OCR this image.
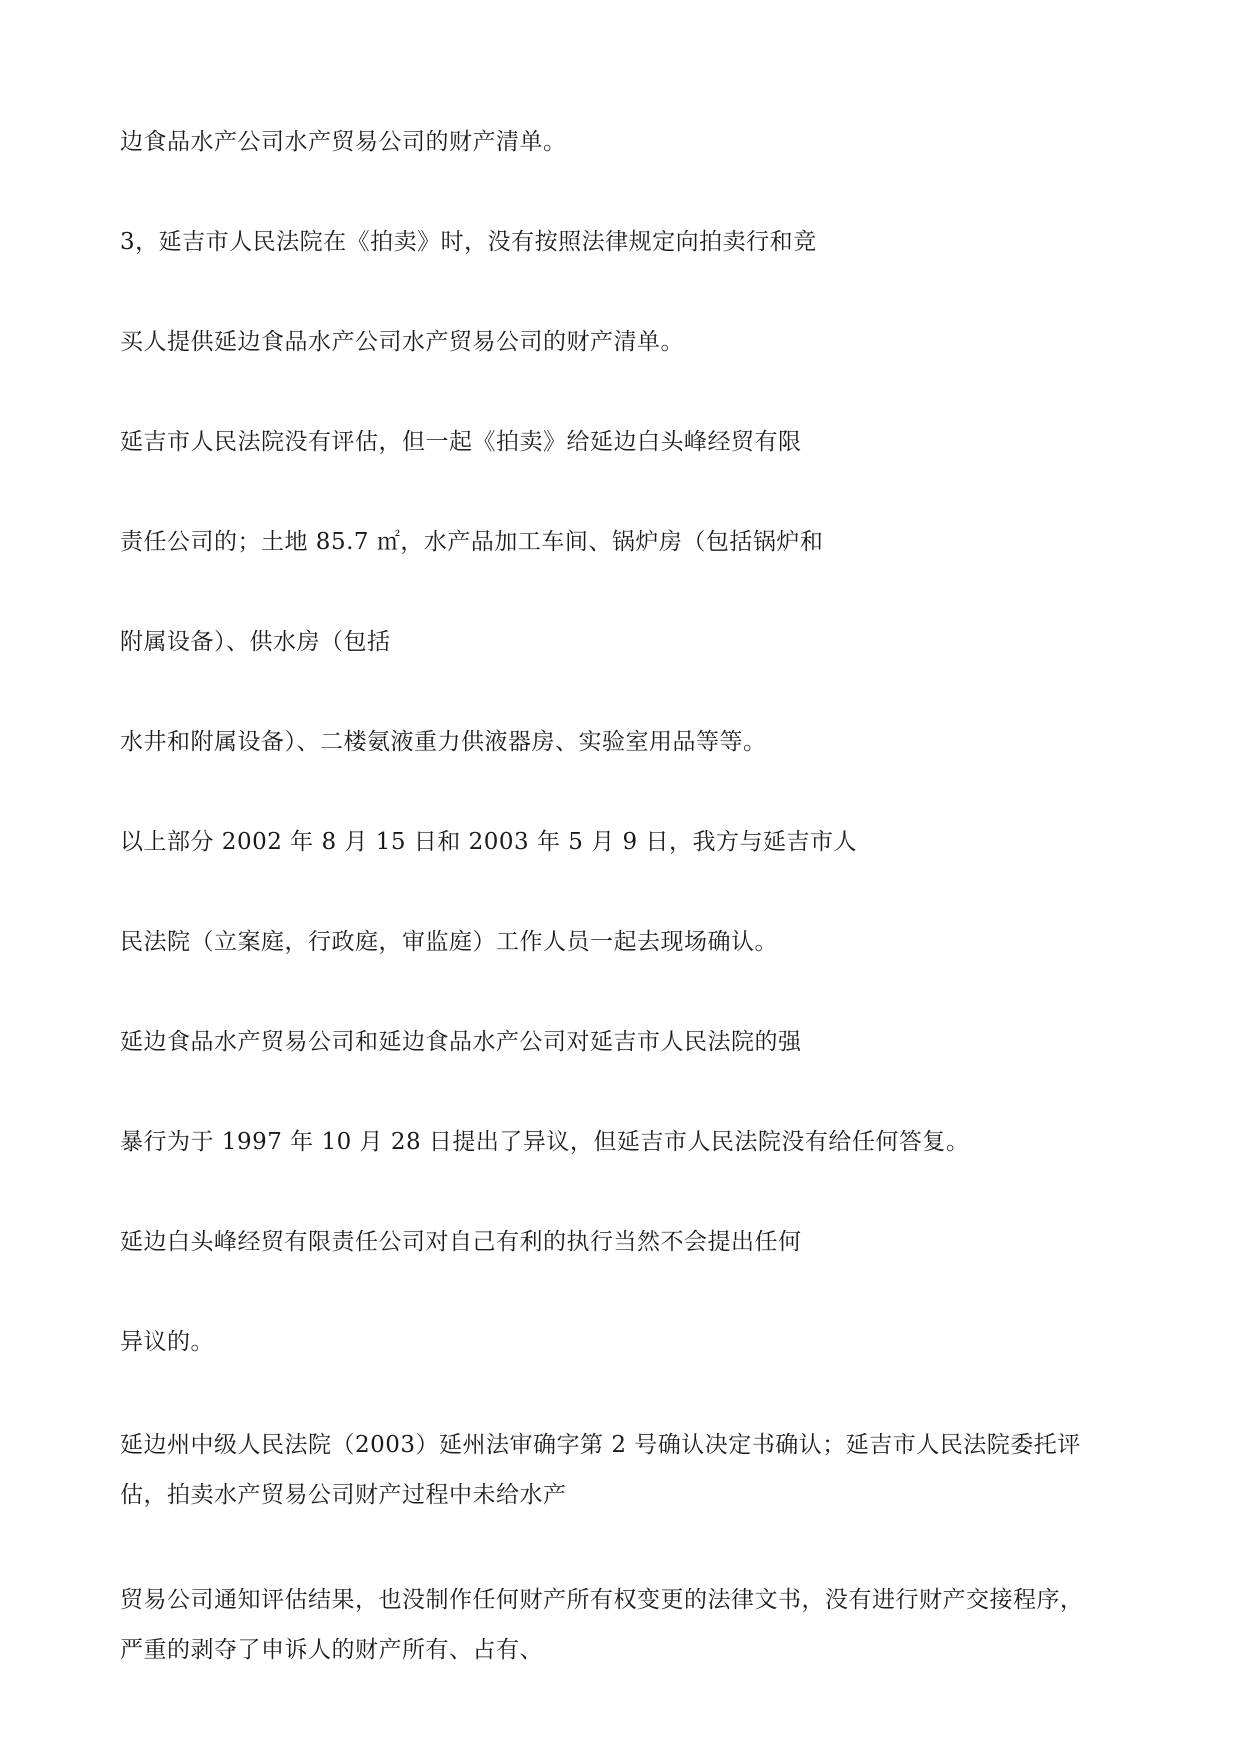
边食品水产公司水产贸易公司的财产清单。

3，延吉市人民法院在《拍卖》时，没有按照法律规定向拍卖行和竞

买人提供延边食品水产公司水产贸易公司的财产清单。

延吉市人民法院没有评估，但一起《拍卖》给延边白头峰经贸有限

责任公司的；土地 85.7 ㎡，水产品加工车间、锅炉房（包括锅炉和

附属设备）、供水房（包括

水井和附属设备）、二楼氨液重力供液器房、实验室用品等等。

以上部分 2002 年 8 月 15 日和 2003 年 5 月 9 日，我方与延吉市人

民法院（立案庭，行政庭，审监庭）工作人员一起去现场确认。

延边食品水产贸易公司和延边食品水产公司对延吉市人民法院的强

暴行为于 1997 年 10 月 28 日提出了异议，但延吉市人民法院没有给任何答复。

延边白头峰经贸有限责任公司对自己有利的执行当然不会提出任何

异议的。

延边州中级人民法院（2003）延州法审确字第 2 号确认决定书确认；延吉市人民法院委托评

估，拍卖水产贸易公司财产过程中未给水产

贸易公司通知评估结果，也没制作任何财产所有权变更的法律文书，没有进行财产交接程序，

严重的剥夺了申诉人的财产所有、占有、
